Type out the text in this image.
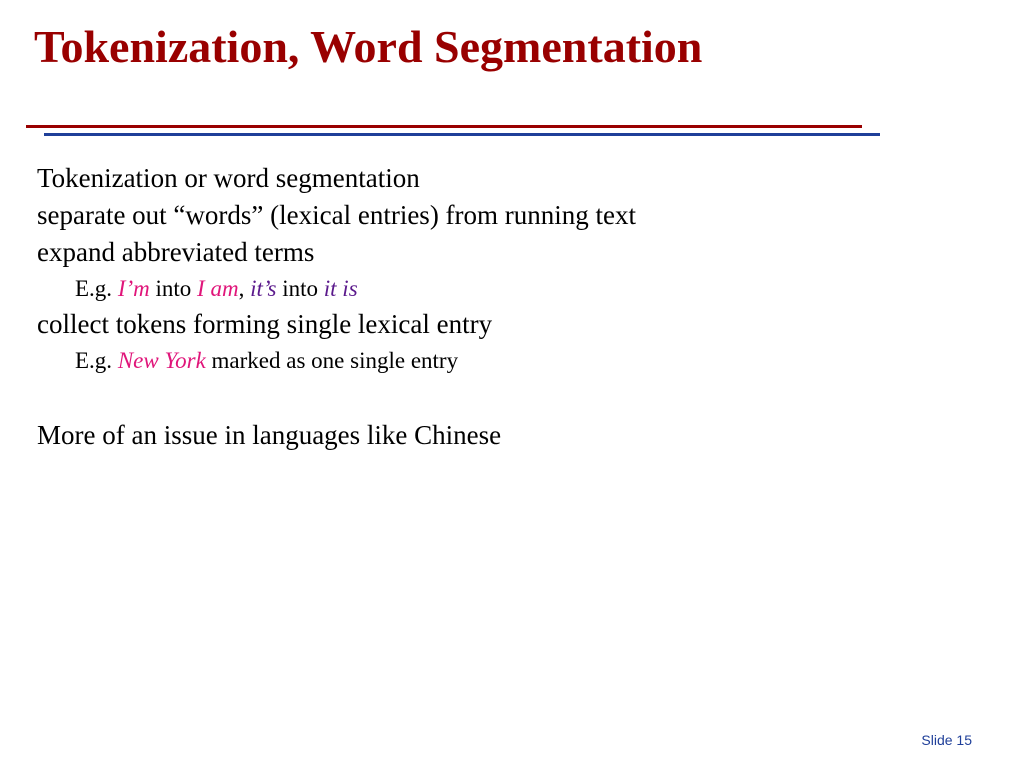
Tokenization, Word Segmentation
Tokenization or word segmentation
separate out “words” (lexical entries) from running text
expand abbreviated terms
E.g. I’m into I am, it’s into it is
collect tokens forming single lexical entry
E.g. New York marked as one single entry
More of an issue in languages like Chinese
Slide 15
